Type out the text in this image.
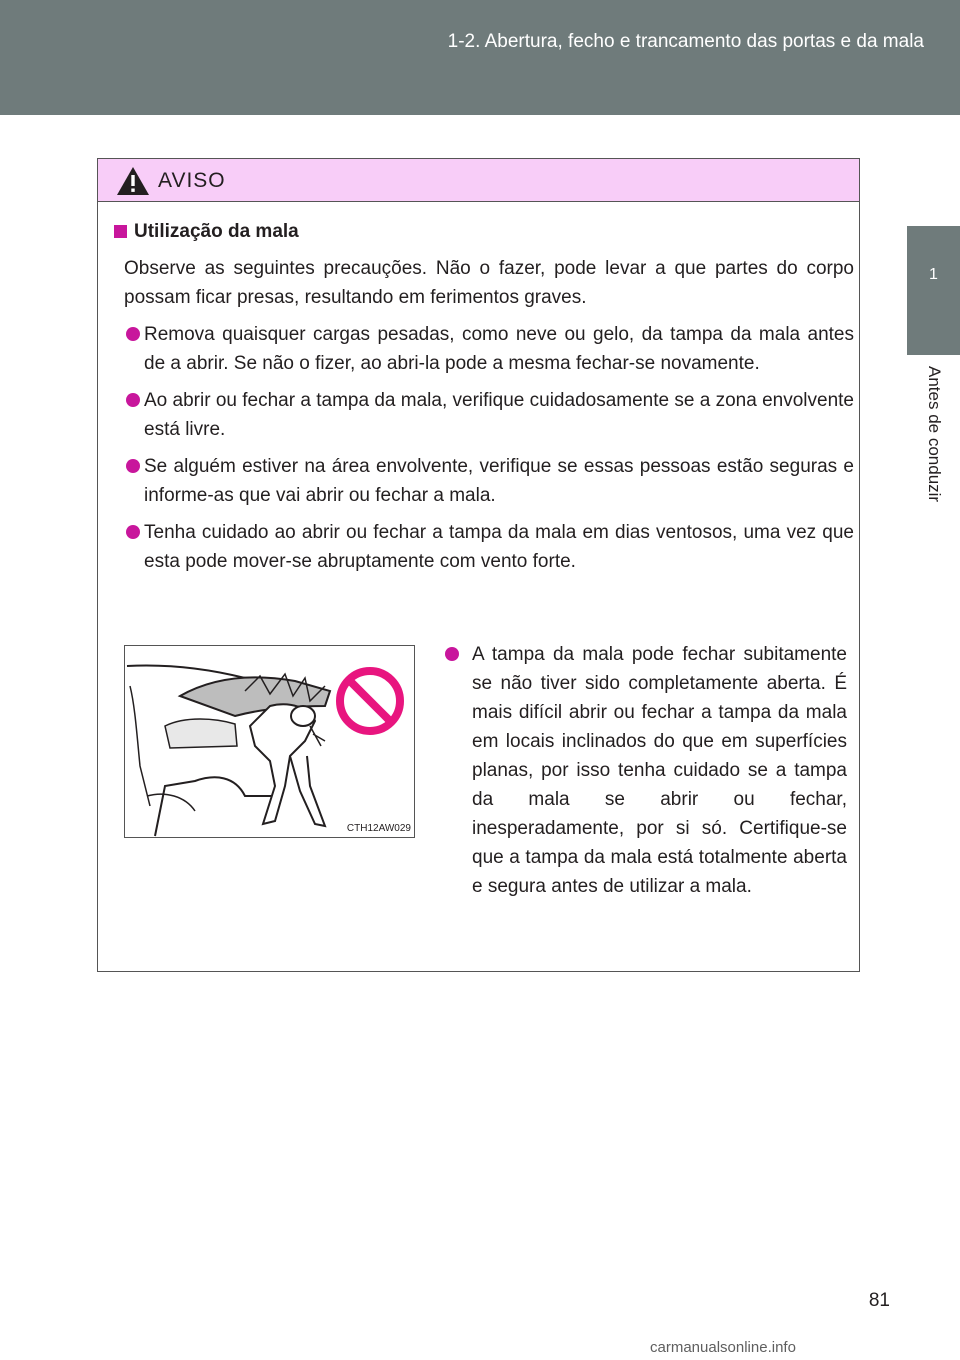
1-2. Abertura, fecho e trancamento das portas e da mala
1
Antes de conduzir
AVISO
Utilização da mala
Observe as seguintes precauções. Não o fazer, pode levar a que partes do corpo possam ficar presas, resultando em ferimentos graves.
Remova quaisquer cargas pesadas, como neve ou gelo, da tampa da mala antes de a abrir. Se não o fizer, ao abri-la pode a mesma fechar-se novamente.
Ao abrir ou fechar a tampa da mala, verifique cuidadosamente se a zona envolvente está livre.
Se alguém estiver na área envolvente, verifique se essas pessoas estão seguras e informe-as que vai abrir ou fechar a mala.
Tenha cuidado ao abrir ou fechar a tampa da mala em dias ventosos, uma vez que esta pode mover-se abruptamente com vento forte.
CTH12AW029
A tampa da mala pode fechar subitamente se não tiver sido completamente aberta. É mais difícil abrir ou fechar a tampa da mala em locais inclinados do que em superfícies planas, por isso tenha cuidado se a tampa da mala se abrir ou fechar, inesperadamente, por si só. Certifique-se que a tampa da mala está totalmente aberta e segura antes de utilizar a mala.
81
carmanualsonline.info
